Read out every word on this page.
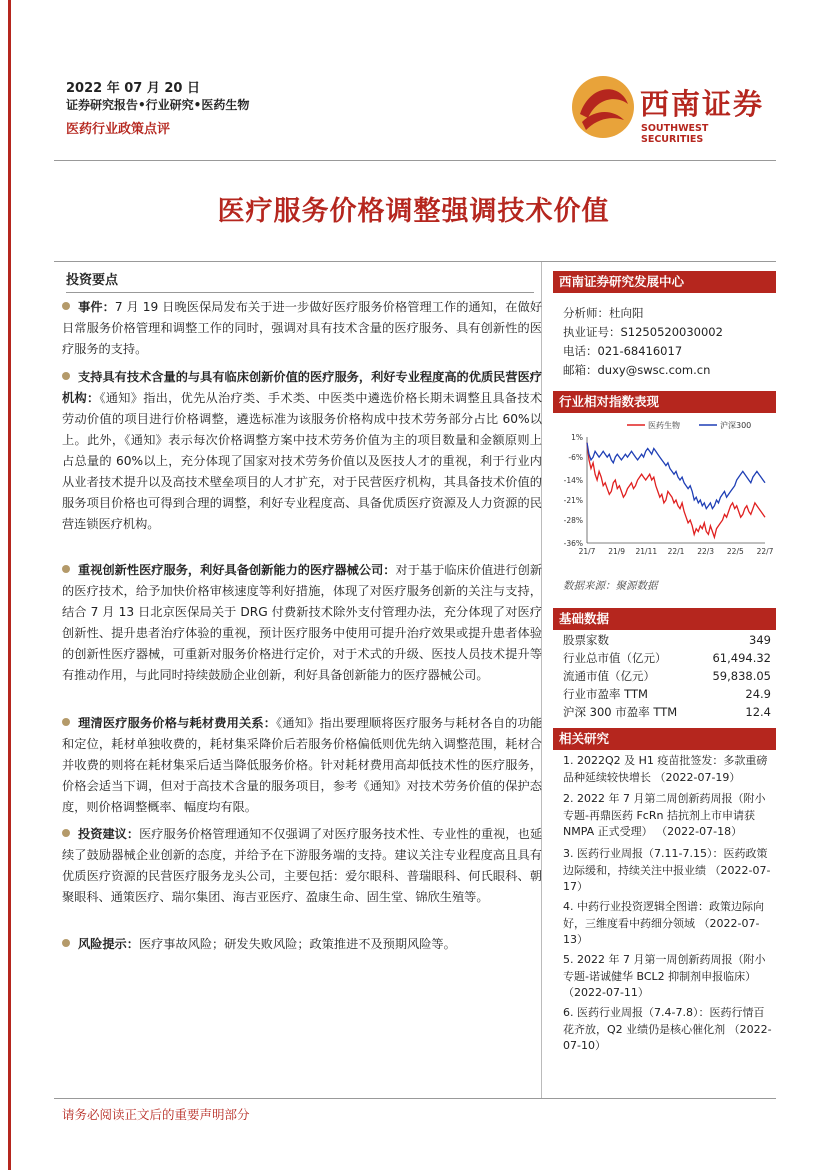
2022 年 07 月 20 日
证券研究报告•行业研究•医药生物
医药行业政策点评
西南证券
SOUTHWEST SECURITIES
医疗服务价格调整强调技术价值
投资要点
事件：7 月 19 日晚医保局发布关于进一步做好医疗服务价格管理工作的通知，在做好日常服务价格管理和调整工作的同时，强调对具有技术含量的医疗服务、具有创新性的医疗服务的支持。
支持具有技术含量的与具有临床创新价值的医疗服务，利好专业程度高的优质民营医疗机构：《通知》指出，优先从治疗类、手术类、中医类中遴选价格长期未调整且具备技术劳动价值的项目进行价格调整，遴选标准为该服务价格构成中技术劳务部分占比 60%以上。此外，《通知》表示每次价格调整方案中技术劳务价值为主的项目数量和金额原则上占总量的 60%以上，充分体现了国家对技术劳务价值以及医技人才的重视，利于行业内从业者技术提升以及高技术壁垒项目的人才扩充，对于民营医疗机构，其具备技术价值的服务项目价格也可得到合理的调整，利好专业程度高、具备优质医疗资源及人力资源的民营连锁医疗机构。
重视创新性医疗服务，利好具备创新能力的医疗器械公司：对于基于临床价值进行创新的医疗技术，给予加快价格审核速度等利好措施，体现了对医疗服务创新的关注与支持，结合 7 月 13 日北京医保局关于 DRG 付费新技术除外支付管理办法，充分体现了对医疗创新性、提升患者治疗体验的重视，预计医疗服务中使用可提升治疗效果或提升患者体验的创新性医疗器械，可重新对服务价格进行定价，对于术式的升级、医技人员技术提升等有推动作用，与此同时持续鼓励企业创新，利好具备创新能力的医疗器械公司。
理清医疗服务价格与耗材费用关系：《通知》指出要理顺将医疗服务与耗材各自的功能和定位，耗材单独收费的，耗材集采降价后若服务价格偏低则优先纳入调整范围，耗材合并收费的则将在耗材集采后适当降低服务价格。针对耗材费用高却低技术性的医疗服务，价格会适当下调，但对于高技术含量的服务项目，参考《通知》对技术劳务价值的保护态度，则价格调整概率、幅度均有限。
投资建议：医疗服务价格管理通知不仅强调了对医疗服务技术性、专业性的重视，也延续了鼓励器械企业创新的态度，并给予在下游服务端的支持。建议关注专业程度高且具有优质医疗资源的民营医疗服务龙头公司，主要包括：爱尔眼科、普瑞眼科、何氏眼科、朝聚眼科、通策医疗、瑞尔集团、海吉亚医疗、盈康生命、固生堂、锦欣生殖等。
风险提示：医疗事故风险；研发失败风险；政策推进不及预期风险等。
西南证券研究发展中心
分析师：杜向阳
执业证号：S1250520030002
电话：021-68416017
邮箱：duxy@swsc.com.cn
行业相对指数表现
1%
-6%
-14%
-21%
-28%
-36%
21/7 21/9 21/11 22/1 22/3 22/5 22/7
医药生物	沪深300
数据来源：聚源数据
基础数据
股票家数	349
行业总市值（亿元）	61,494.32
流通市值（亿元）	59,838.05
行业市盈率 TTM	24.9
沪深 300 市盈率 TTM	12.4
相关研究
1. 2022Q2 及 H1 疫苗批签发：多款重磅品种延续较快增长 （2022-07-19）
2. 2022 年 7 月第二周创新药周报（附小专题-再鼎医药 FcRn 拮抗剂上市申请获 NMPA 正式受理） （2022-07-18）
3. 医药行业周报（7.11-7.15）：医药政策边际缓和，持续关注中报业绩 （2022-07-17）
4. 中药行业投资逻辑全图谱：政策边际向好，三维度看中药细分领域 （2022-07-13）
5. 2022 年 7 月第一周创新药周报（附小专题-诺诚健华 BCL2 抑制剂申报临床） （2022-07-11）
6. 医药行业周报（7.4-7.8）：医药行情百花齐放，Q2 业绩仍是核心催化剂 （2022-07-10）
请务必阅读正文后的重要声明部分
